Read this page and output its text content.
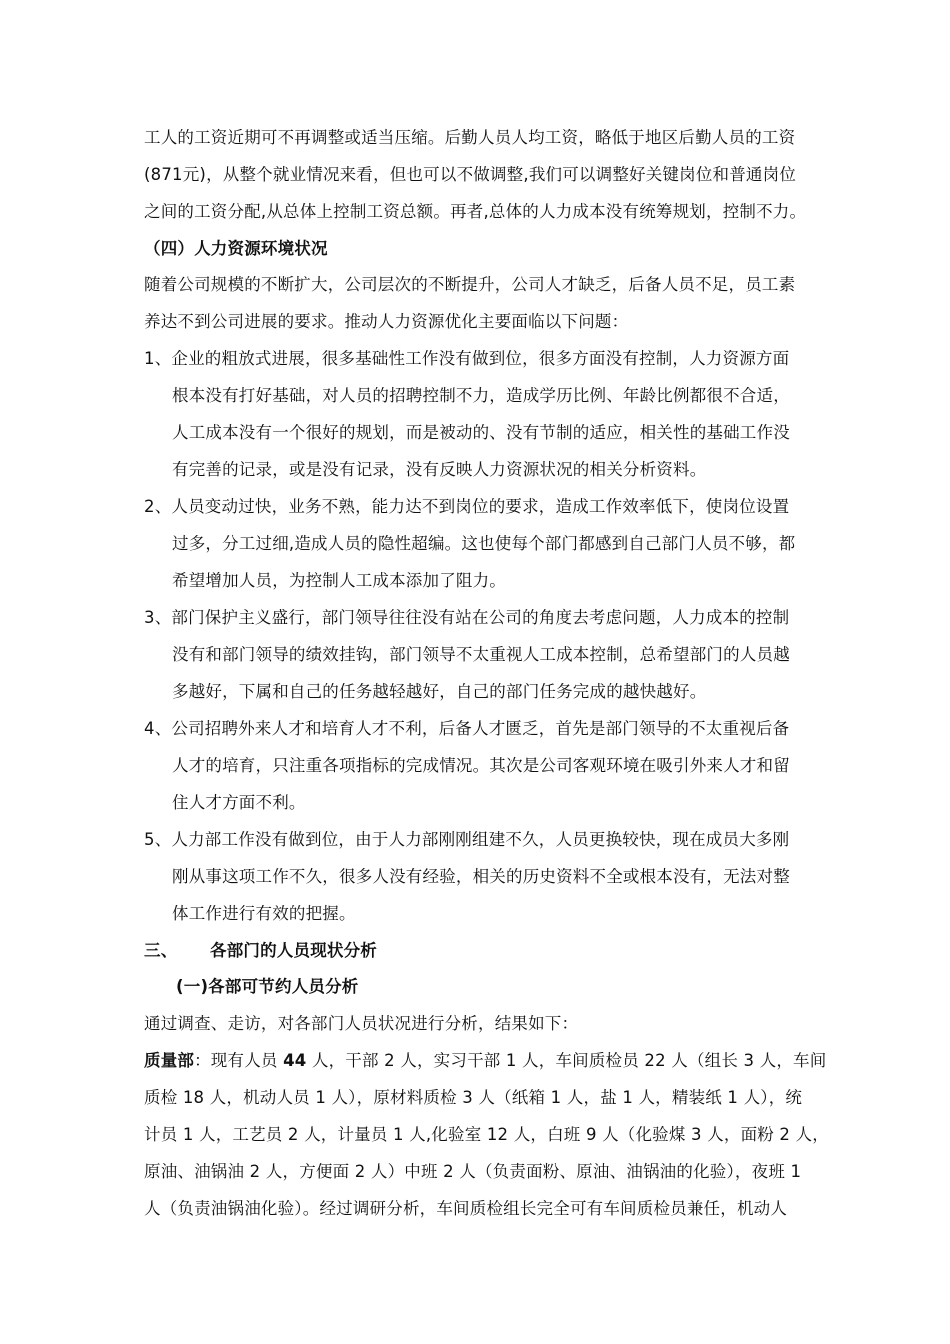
工人的工资近期可不再调整或适当压缩。后勤人员人均工资，略低于地区后勤人员的工资
(871元)，从整个就业情况来看，但也可以不做调整,我们可以调整好关键岗位和普通岗位
之间的工资分配,从总体上控制工资总额。再者,总体的人力成本没有统筹规划，控制不力。
（四）人力资源环境状况
随着公司规模的不断扩大，公司层次的不断提升，公司人才缺乏，后备人员不足，员工素
养达不到公司进展的要求。推动人力资源优化主要面临以下问题：
1、企业的粗放式进展，很多基础性工作没有做到位，很多方面没有控制，人力资源方面
根本没有打好基础，对人员的招聘控制不力，造成学历比例、年龄比例都很不合适，
人工成本没有一个很好的规划，而是被动的、没有节制的适应，相关性的基础工作没
有完善的记录，或是没有记录，没有反映人力资源状况的相关分析资料。
2、人员变动过快，业务不熟，能力达不到岗位的要求，造成工作效率低下，使岗位设置
过多，分工过细,造成人员的隐性超编。这也使每个部门都感到自己部门人员不够，都
希望增加人员，为控制人工成本添加了阻力。
3、部门保护主义盛行，部门领导往往没有站在公司的角度去考虑问题，人力成本的控制
没有和部门领导的绩效挂钩，部门领导不太重视人工成本控制，总希望部门的人员越
多越好，下属和自己的任务越轻越好，自己的部门任务完成的越快越好。
4、公司招聘外来人才和培育人才不利，后备人才匮乏，首先是部门领导的不太重视后备
人才的培育，只注重各项指标的完成情况。其次是公司客观环境在吸引外来人才和留
住人才方面不利。
5、人力部工作没有做到位，由于人力部刚刚组建不久，人员更换较快，现在成员大多刚
刚从事这项工作不久，很多人没有经验，相关的历史资料不全或根本没有，无法对整
体工作进行有效的把握。
三、 各部门的人员现状分析
(一)各部可节约人员分析
通过调查、走访，对各部门人员状况进行分析，结果如下：
质量部：现有人员 44 人，干部 2 人，实习干部 1 人，车间质检员 22 人（组长 3 人，车间
质检 18 人，机动人员 1 人），原材料质检 3 人（纸箱 1 人，盐 1 人，精装纸 1 人），统
计员 1 人，工艺员 2 人，计量员 1 人,化验室 12 人，白班 9 人（化验煤 3 人，面粉 2 人，
原油、油锅油 2 人，方便面 2 人）中班 2 人（负责面粉、原油、油锅油的化验），夜班 1
人（负责油锅油化验）。经过调研分析，车间质检组长完全可有车间质检员兼任，机动人
